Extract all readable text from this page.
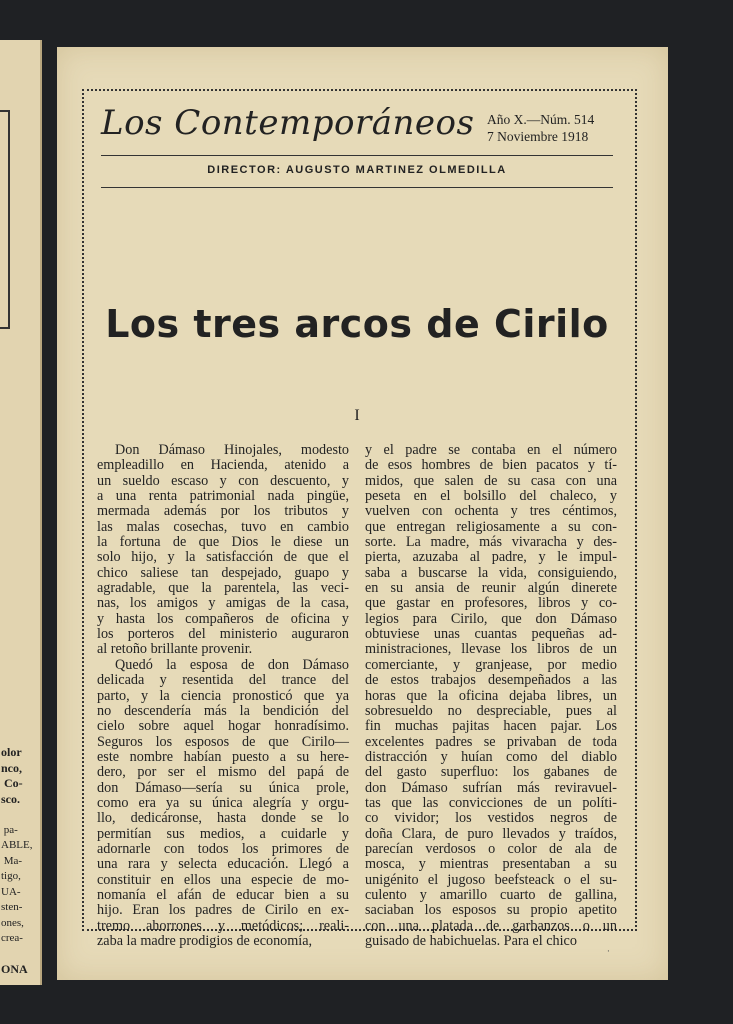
olor
nco,
Co-
sco.
pa-
ABLE,
Ma-
tigo,
UA-
sten-
ones,
crea-
ONA
Los Contemporáneos Año X.—Núm. 514
7 Noviembre 1918
DIRECTOR: AUGUSTO MARTINEZ OLMEDILLA
Los tres arcos de Cirilo
I

Don Dámaso Hinojales, modesto

empleadillo en Hacienda, atenido a

un sueldo escaso y con descuento, y

a una renta patrimonial nada pingüe,

mermada además por los tributos y

las malas cosechas, tuvo en cambio

la fortuna de que Dios le diese un

solo hijo, y la satisfacción de que el

chico saliese tan despejado, guapo y

agradable, que la parentela, las veci-

nas, los amigos y amigas de la casa,

y hasta los compañeros de oficina y

los porteros del ministerio auguraron

al retoño brillante provenir.

Quedó la esposa de don Dámaso

delicada y resentida del trance del

parto, y la ciencia pronosticó que ya

no descendería más la bendición del

cielo sobre aquel hogar honradísimo.

Seguros los esposos de que Cirilo—

este nombre habían puesto a su here-

dero, por ser el mismo del papá de

don Dámaso—sería su única prole,

como era ya su única alegría y orgu-

llo, dedicáronse, hasta donde se lo

permitían sus medios, a cuidarle y

adornarle con todos los primores de

una rara y selecta educación. Llegó a

constituir en ellos una especie de mo-

nomanía el afán de educar bien a su

hijo. Eran los padres de Cirilo en ex-

tremo ahorrones y metódicos; reali-

zaba la madre prodigios de economía,

y el padre se contaba en el número

de esos hombres de bien pacatos y tí-

midos, que salen de su casa con una

peseta en el bolsillo del chaleco, y

vuelven con ochenta y tres céntimos,

que entregan religiosamente a su con-

sorte. La madre, más vivaracha y des-

pierta, azuzaba al padre, y le impul-

saba a buscarse la vida, consiguiendo,

en su ansia de reunir algún dinerete

que gastar en profesores, libros y co-

legios para Cirilo, que don Dámaso

obtuviese unas cuantas pequeñas ad-

ministraciones, llevase los libros de un

comerciante, y granjease, por medio

de estos trabajos desempeñados a las

horas que la oficina dejaba libres, un

sobresueldo no despreciable, pues al

fin muchas pajitas hacen pajar. Los

excelentes padres se privaban de toda

distracción y huían como del diablo

del gasto superfluo: los gabanes de

don Dámaso sufrían más reviravuel-

tas que las convicciones de un políti-

co vividor; los vestidos negros de

doña Clara, de puro llevados y traídos,

parecían verdosos o color de ala de

mosca, y mientras presentaban a su

unigénito el jugoso beefsteack o el su-

culento y amarillo cuarto de gallina,

saciaban los esposos su propio apetito

con una platada de garbanzos o un

guisado de habichuelas. Para el chico

·
